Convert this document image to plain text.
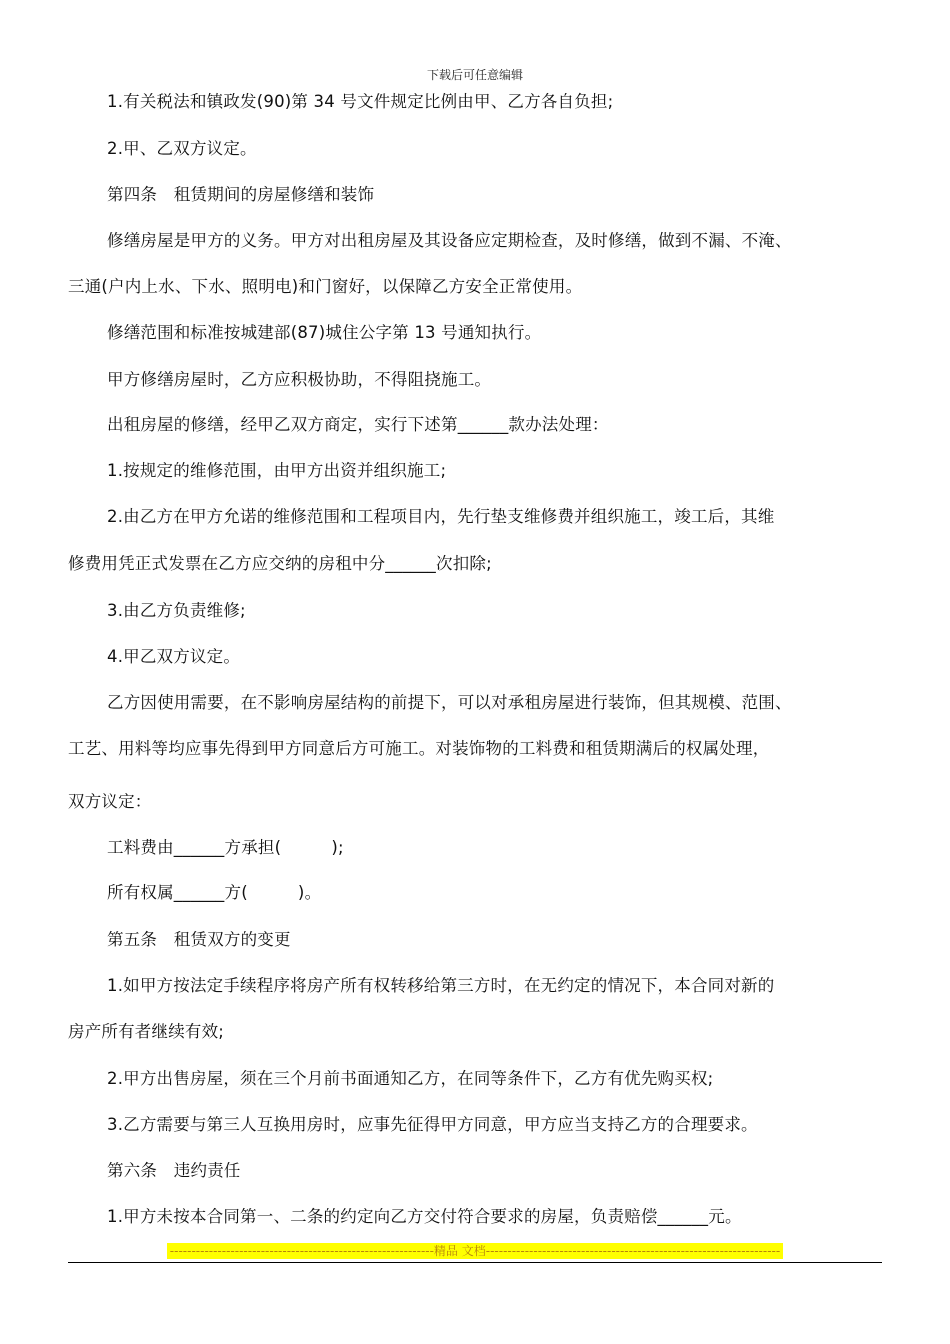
下载后可任意编辑
1.有关税法和镇政发(90)第 34 号文件规定比例由甲、乙方各自负担;
2.甲、乙双方议定。
第四条　租赁期间的房屋修缮和装饰
修缮房屋是甲方的义务。甲方对出租房屋及其设备应定期检查，及时修缮，做到不漏、不淹、
三通(户内上水、下水、照明电)和门窗好，以保障乙方安全正常使用。
修缮范围和标准按城建部(87)城住公字第 13 号通知执行。
甲方修缮房屋时，乙方应积极协助，不得阻挠施工。
出租房屋的修缮，经甲乙双方商定，实行下述第______款办法处理：
1.按规定的维修范围，由甲方出资并组织施工;
2.由乙方在甲方允诺的维修范围和工程项目内，先行垫支维修费并组织施工，竣工后，其维
修费用凭正式发票在乙方应交纳的房租中分______次扣除;
3.由乙方负责维修;
4.甲乙双方议定。
乙方因使用需要，在不影响房屋结构的前提下，可以对承租房屋进行装饰，但其规模、范围、
工艺、用料等均应事先得到甲方同意后方可施工。对装饰物的工料费和租赁期满后的权属处理，
双方议定：
工料费由______方承担(　　　);
所有权属______方(　　　)。
第五条　租赁双方的变更
1.如甲方按法定手续程序将房产所有权转移给第三方时，在无约定的情况下，本合同对新的
房产所有者继续有效;
2.甲方出售房屋，须在三个月前书面通知乙方，在同等条件下，乙方有优先购买权;
3.乙方需要与第三人互换用房时，应事先征得甲方同意，甲方应当支持乙方的合理要求。
第六条　违约责任
1.甲方未按本合同第一、二条的约定向乙方交付符合要求的房屋，负责赔偿______元。
-------------------------------------------------------------精品 文档--------------------------------------------------------------------
